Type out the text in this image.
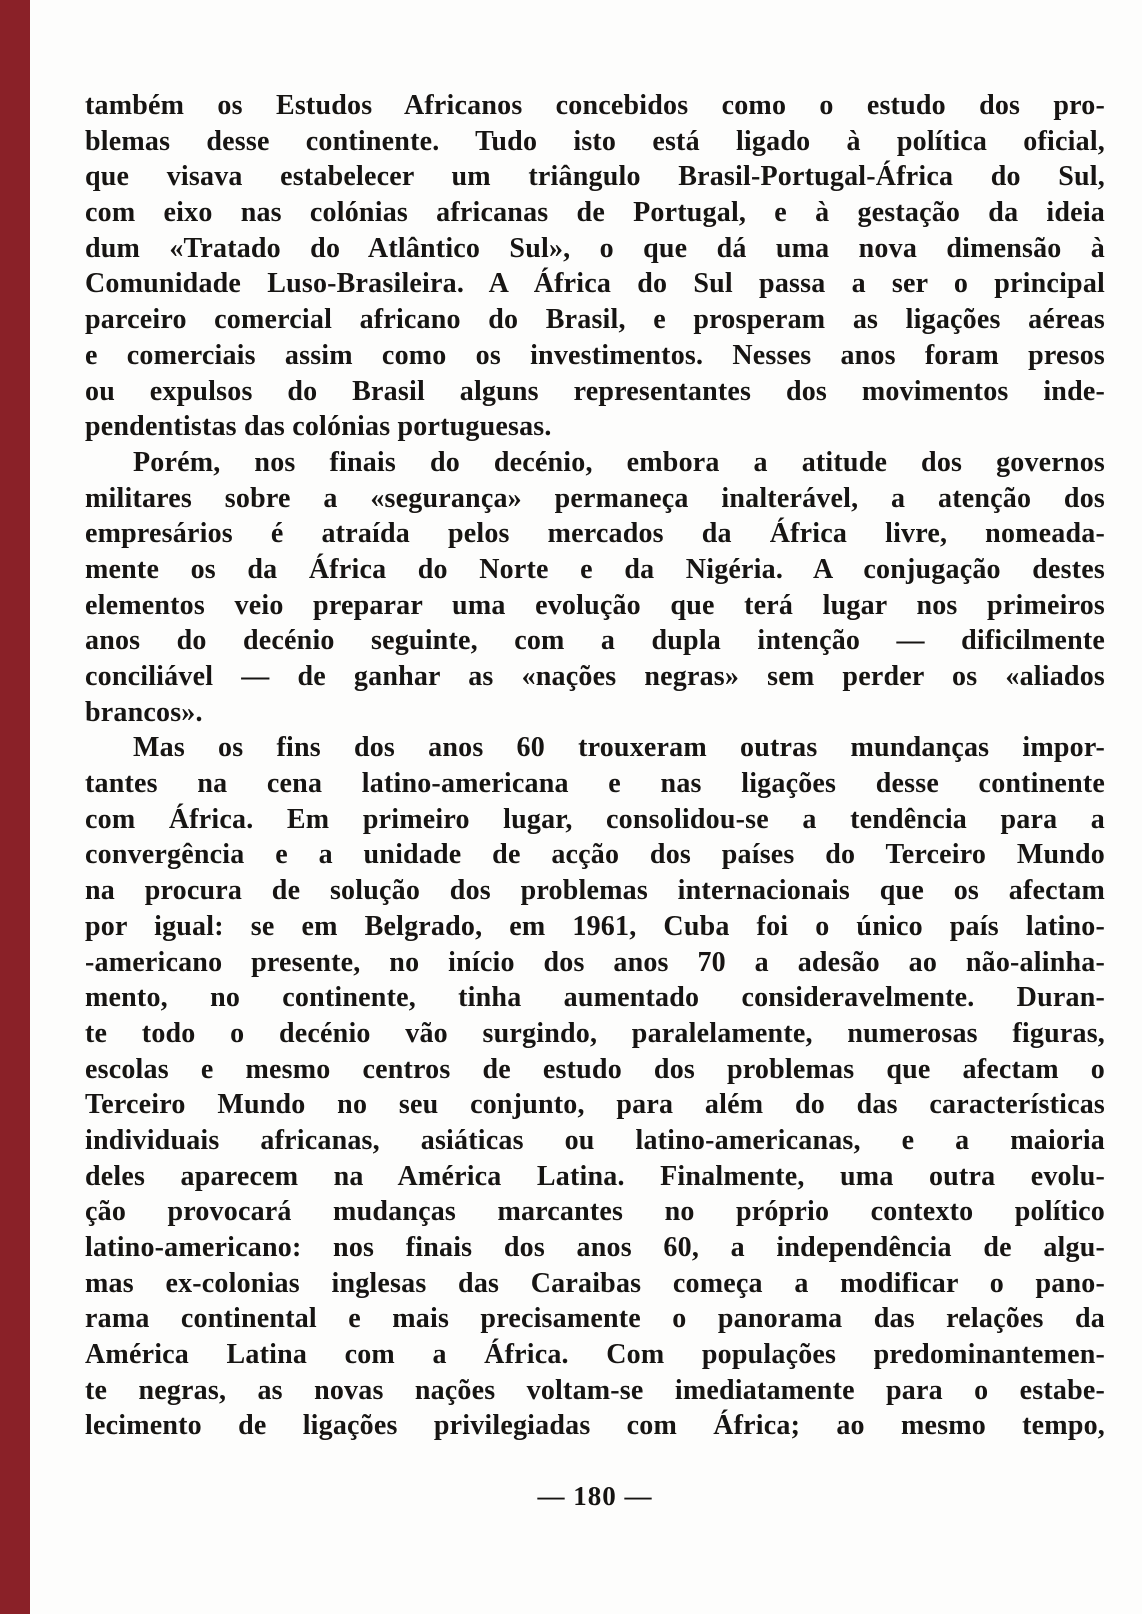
também os Estudos Africanos concebidos como o estudo dos pro-
blemas desse continente. Tudo isto está ligado à política oficial,
que visava estabelecer um triângulo Brasil-Portugal-África do Sul,
com eixo nas colónias africanas de Portugal, e à gestação da ideia
dum «Tratado do Atlântico Sul», o que dá uma nova dimensão à
Comunidade Luso-Brasileira. A África do Sul passa a ser o principal
parceiro comercial africano do Brasil, e prosperam as ligações aéreas
e comerciais assim como os investimentos. Nesses anos foram presos
ou expulsos do Brasil alguns representantes dos movimentos inde-
pendentistas das colónias portuguesas.
Porém, nos finais do decénio, embora a atitude dos governos
militares sobre a «segurança» permaneça inalterável, a atenção dos
empresários é atraída pelos mercados da África livre, nomeada-
mente os da África do Norte e da Nigéria. A conjugação destes
elementos veio preparar uma evolução que terá lugar nos primeiros
anos do decénio seguinte, com a dupla intenção — dificilmente
conciliável — de ganhar as «nações negras» sem perder os «aliados
brancos».
Mas os fins dos anos 60 trouxeram outras mundanças impor-
tantes na cena latino-americana e nas ligações desse continente
com África. Em primeiro lugar, consolidou-se a tendência para a
convergência e a unidade de acção dos países do Terceiro Mundo
na procura de solução dos problemas internacionais que os afectam
por igual: se em Belgrado, em 1961, Cuba foi o único país latino-
-americano presente, no início dos anos 70 a adesão ao não-alinha-
mento, no continente, tinha aumentado consideravelmente. Duran-
te todo o decénio vão surgindo, paralelamente, numerosas figuras,
escolas e mesmo centros de estudo dos problemas que afectam o
Terceiro Mundo no seu conjunto, para além do das características
individuais africanas, asiáticas ou latino-americanas, e a maioria
deles aparecem na América Latina. Finalmente, uma outra evolu-
ção provocará mudanças marcantes no próprio contexto político
latino-americano: nos finais dos anos 60, a independência de algu-
mas ex-colonias inglesas das Caraibas começa a modificar o pano-
rama continental e mais precisamente o panorama das relações da
América Latina com a África. Com populações predominantemen-
te negras, as novas nações voltam-se imediatamente para o estabe-
lecimento de ligações privilegiadas com África; ao mesmo tempo,
— 180 —
